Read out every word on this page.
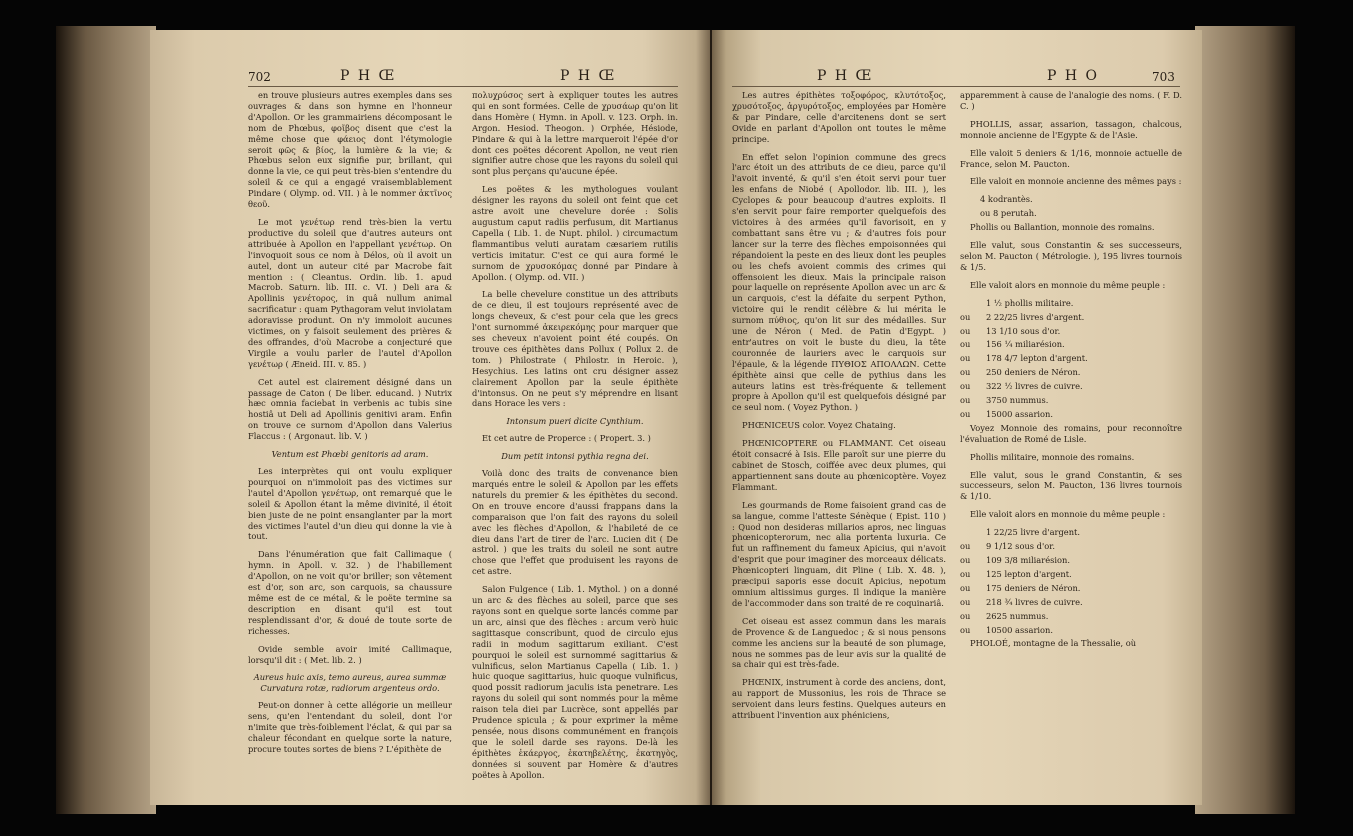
702	P H Œ	P H Œ

en trouve plusieurs autres exemples dans ses ouvrages & dans son hymne en l'honneur d'Apollon. Or les grammairiens décomposant le nom de Phœbus, φοῖβος disent que c'est la même chose que φάειος dont l'étymologie seroit φῶς & βίος, la lumière & la vie; & Phœbus selon eux signifie pur, brillant, qui donne la vie, ce qui peut très-bien s'entendre du soleil & ce qui a engagé vraisemblablement Pindare ( Olymp. od. VII. ) à le nommer ἀκτῖνος θεοῦ.

Le mot γενέτωρ rend très-bien la vertu productive du soleil que d'autres auteurs ont attribuée à Apollon en l'appellant γενέτωρ. On l'invoquoit sous ce nom à Délos, où il avoit un autel, dont un auteur cité par Macrobe fait mention : ( Cleantus. Ordin. lib. 1. apud Macrob. Saturn. lib. III. c. VI. ) Deli ara & Apollinis γενέτορος, in quâ nullum animal sacrificatur : quam Pythagoram velut inviolatam adoravisse produnt. On n'y immoloit aucunes victimes, on y faisoit seulement des prières & des offrandes, d'où Macrobe a conjecturé que Virgile a voulu parler de l'autel d'Apollon γενέτωρ ( Æneid. III. v. 85. )

Cet autel est clairement désigné dans un passage de Caton ( De liber. educand. ) Nutrix hæc omnia faciebat in verbenis ac tubis sine hostiâ ut Deli ad Apollinis genitivi aram. Enfin on trouve ce surnom d'Apollon dans Valerius Flaccus : ( Argonaut. lib. V. )

Ventum est Phœbi genitoris ad aram.

Les interprètes qui ont voulu expliquer pourquoi on n'immoloit pas des victimes sur l'autel d'Apollon γενέτωρ, ont remarqué que le soleil & Apollon étant la même divinité, il étoit bien juste de ne point ensanglanter par la mort des victimes l'autel d'un dieu qui donne la vie à tout.

Dans l'énumération que fait Callimaque ( hymn. in Apoll. v. 32. ) de l'habillement d'Apollon, on ne voit qu'or briller; son vêtement est d'or, son arc, son carquois, sa chaussure même est de ce métal, & le poëte termine sa description en disant qu'il est tout resplendissant d'or, & doué de toute sorte de richesses.

Ovide semble avoir imité Callimaque, lorsqu'il dit : ( Met. lib. 2. )

Aureus huic axis, temo aureus, aurea summæ Curvatura rotæ, radiorum argenteus ordo.

Peut-on donner à cette allégorie un meilleur sens, qu'en l'entendant du soleil, dont l'or n'imite que très-foiblement l'éclat, & qui par sa chaleur fécondant en quelque sorte la nature, procure toutes sortes de biens ? L'épithète de

πολυχρύσος sert à expliquer toutes les autres qui en sont formées. Celle de χρυσάωρ qu'on lit dans Homère ( Hymn. in Apoll. v. 123. Orph. in. Argon. Hesiod. Theogon. ) Orphée, Hésiode, Pindare & qui à la lettre marqueroit l'épée d'or dont ces poëtes décorent Apollon, ne veut rien signifier autre chose que les rayons du soleil qui sont plus perçans qu'aucune épée.

Les poëtes & les mythologues voulant désigner les rayons du soleil ont feint que cet astre avoit une chevelure dorée : Solis augustum caput radiis perfusum, dit Martianus Capella ( Lib. 1. de Nupt. philol. ) circumactum flammantibus veluti auratam cæsariem rutilis verticis imitatur. C'est ce qui aura formé le surnom de χρυσοκόμας donné par Pindare à Apollon. ( Olymp. od. VII. )

La belle chevelure constitue un des attributs de ce dieu, il est toujours représenté avec de longs cheveux, & c'est pour cela que les grecs l'ont surnommé ἀκειρεκόμης pour marquer que ses cheveux n'avoient point été coupés. On trouve ces épithètes dans Pollux ( Pollux 2. de tom. ) Philostrate ( Philostr. in Heroic. ), Hesychius. Les latins ont cru désigner assez clairement Apollon par la seule épithète d'intonsus. On ne peut s'y méprendre en lisant dans Horace les vers :

Intonsum pueri dicite Cynthium.

Et cet autre de Properce : ( Propert. 3. )

Dum petit intonsi pythia regna dei.

Voilà donc des traits de convenance bien marqués entre le soleil & Apollon par les effets naturels du premier & les épithètes du second. On en trouve encore d'aussi frappans dans la comparaison que l'on fait des rayons du soleil avec les flèches d'Apollon, & l'habileté de ce dieu dans l'art de tirer de l'arc. Lucien dit ( De astrol. ) que les traits du soleil ne sont autre chose que l'effet que produisent les rayons de cet astre.

Salon Fulgence ( Lib. 1. Mythol. ) on a donné un arc & des flèches au soleil, parce que ses rayons sont en quelque sorte lancés comme par un arc, ainsi que des flèches : arcum verò huic sagittasque conscribunt, quod de circulo ejus radii in modum sagittarum exiliant. C'est pourquoi le soleil est surnommé sagittarius & vulnificus, selon Martianus Capella ( Lib. 1. ) huic quoque sagittarius, huic quoque vulnificus, quod possit radiorum jaculis ista penetrare. Les rayons du soleil qui sont nommés pour la même raison tela diei par Lucrèce, sont appellés par Prudence spicula ; & pour exprimer la même pensée, nous disons communément en françois que le soleil darde ses rayons. De-là les épithètes ἑκάεργος, ἑκατηβελέτης, ἑκατηγὸς, données si souvent par Homère & d'autres poëtes à Apollon.

P H Œ	P H O	703

Les autres épithètes τοξοφόρος, κλυτότοξος, χρυσότοξος, ἀργυρότοξος, employées par Homère & par Pindare, celle d'arcitenens dont se sert Ovide en parlant d'Apollon ont toutes le même principe.

En effet selon l'opinion commune des grecs l'arc étoit un des attributs de ce dieu, parce qu'il l'avoit inventé, & qu'il s'en étoit servi pour tuer les enfans de Niobé ( Apollodor. lib. III. ), les Cyclopes & pour beaucoup d'autres exploits. Il s'en servit pour faire remporter quelquefois des victoires à des armées qu'il favorisoit, en y combattant sans être vu ; & d'autres fois pour lancer sur la terre des flèches empoisonnées qui répandoient la peste en des lieux dont les peuples ou les chefs avoient commis des crimes qui offensoient les dieux. Mais la principale raison pour laquelle on représente Apollon avec un arc & un carquois, c'est la défaite du serpent Python, victoire qui le rendit célèbre & lui mérita le surnom πύθιος, qu'on lit sur des médailles. Sur une de Néron ( Med. de Patin d'Egypt. ) entr'autres on voit le buste du dieu, la tête couronnée de lauriers avec le carquois sur l'épaule, & la légende ΠΥΘΙΟΣ ΑΠΟΛΛΩΝ. Cette épithète ainsi que celle de pythius dans les auteurs latins est très-fréquente & tellement propre à Apollon qu'il est quelquefois désigné par ce seul nom. ( Voyez Python. )

PHŒNICEUS color. Voyez Chataing.

PHŒNICOPTERE ou FLAMMANT. Cet oiseau étoit consacré à Isis. Elle paroît sur une pierre du cabinet de Stosch, coiffée avec deux plumes, qui appartiennent sans doute au phœnicoptère. Voyez Flammant.

Les gourmands de Rome faisoient grand cas de sa langue, comme l'atteste Sénèque ( Epist. 110 ) : Quod non desideras millarios apros, nec linguas phœnicopterorum, nec alia portenta luxuria. Ce fut un raffinement du fameux Apicius, qui n'avoit d'esprit que pour imaginer des morceaux délicats. Phœnicopteri linguam, dit Pline ( Lib. X. 48. ), præcipui saporis esse docuit Apicius, nepotum omnium altissimus gurges. Il indique la manière de l'accommoder dans son traité de re coquinariâ.

Cet oiseau est assez commun dans les marais de Provence & de Languedoc ; & si nous pensons comme les anciens sur la beauté de son plumage, nous ne sommes pas de leur avis sur la qualité de sa chair qui est très-fade.

PHŒNIX, instrument à corde des anciens, dont, au rapport de Mussonius, les rois de Thrace se servoient dans leurs festins. Quelques auteurs en attribuent l'invention aux phéniciens,

apparemment à cause de l'analogie des noms. ( F. D. C. )

PHOLLIS, assar, assarion, tassagon, chalcous, monnoie ancienne de l'Egypte & de l'Asie.

Elle valoit 5 deniers & 1/16, monnoie actuelle de France, selon M. Paucton.

Elle valoit en monnoie ancienne des mêmes pays :

4 kodrantès.

ou 8 perutah.

Phollis ou Ballantion, monnoie des romains.

Elle valut, sous Constantin & ses successeurs, selon M. Paucton ( Métrologie. ), 195 livres tournois & 1/5.

Elle valoit alors en monnoie du même peuple :

1 ½ phollis militaire.

ou 2 22/25 livres d'argent.

ou 13 1/10 sous d'or.

ou 156 ¼ miliarésion.

ou 178 4/7 lepton d'argent.

ou 250 deniers de Néron.

ou 322 ½ livres de cuivre.

ou 3750 nummus.

ou 15000 assarion.

Voyez Monnoie des romains, pour reconnoître l'évaluation de Romé de Lisle.

Phollis militaire, monnoie des romains.

Elle valut, sous le grand Constantin, & ses successeurs, selon M. Paucton, 136 livres tournois & 1/10.

Elle valoit alors en monnoie du même peuple :

1 22/25 livre d'argent.

ou 9 1/12 sous d'or.

ou 109 3/8 miliarésion.

ou 125 lepton d'argent.

ou 175 deniers de Néron.

ou 218 ¾ livres de cuivre.

ou 2625 nummus.

ou 10500 assarion.

PHOLOÉ, montagne de la Thessalie, où
